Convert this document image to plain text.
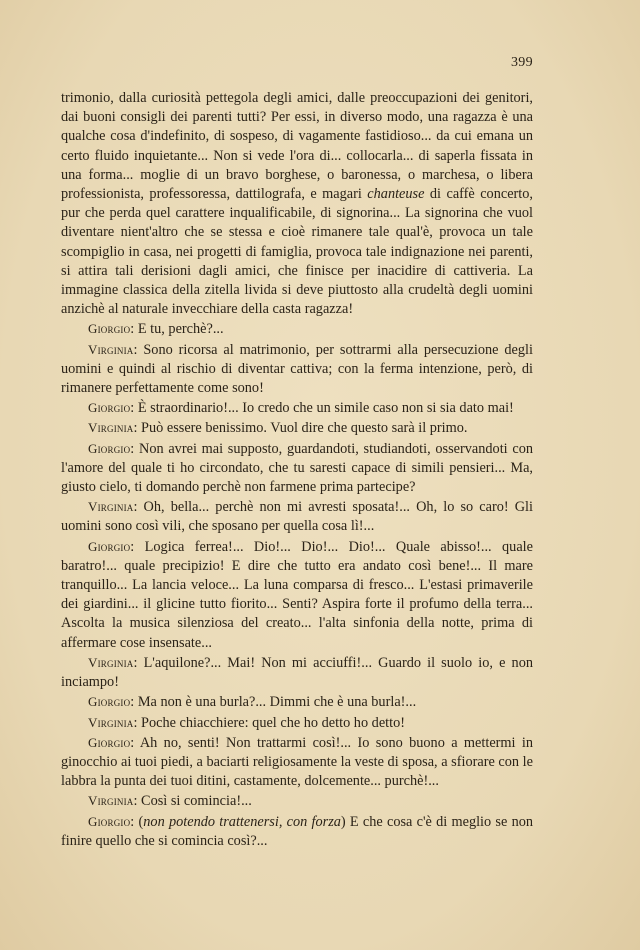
399

trimonio, dalla curiosità pettegola degli amici, dalle preoccupazioni dei genitori, dai buoni consigli dei parenti tutti? Per essi, in diverso modo, una ragazza è una qualche cosa d'indefinito, di sospeso, di vagamente fastidioso... da cui emana un certo fluido inquietante... Non si vede l'ora di... collocarla... di saperla fissata in una forma... moglie di un bravo borghese, o baronessa, o marchesa, o libera professionista, professoressa, dattilografa, e magari chanteuse di caffè concerto, pur che perda quel carattere inqualificabile, di signorina... La signorina che vuol diventare nient'altro che se stessa e cioè rimanere tale qual'è, provoca un tale scompiglio in casa, nei progetti di famiglia, provoca tale indignazione nei parenti, si attira tali derisioni dagli amici, che finisce per inacidire di cattiveria. La immagine classica della zitella livida si deve piuttosto alla crudeltà degli uomini anzichè al naturale invecchiare della casta ragazza!

Giorgio: E tu, perchè?...

Virginia: Sono ricorsa al matrimonio, per sottrarmi alla persecuzione degli uomini e quindi al rischio di diventar cattiva; con la ferma intenzione, però, di rimanere perfettamente come sono!

Giorgio: È straordinario!... Io credo che un simile caso non si sia dato mai!

Virginia: Può essere benissimo. Vuol dire che questo sarà il primo.

Giorgio: Non avrei mai supposto, guardandoti, studiandoti, osservandoti con l'amore del quale ti ho circondato, che tu saresti capace di simili pensieri... Ma, giusto cielo, ti domando perchè non farmene prima partecipe?

Virginia: Oh, bella... perchè non mi avresti sposata!... Oh, lo so caro! Gli uomini sono così vili, che sposano per quella cosa lì!...

Giorgio: Logica ferrea!... Dio!... Dio!... Dio!... Quale abisso!... quale baratro!... quale precipizio! E dire che tutto era andato così bene!... Il mare tranquillo... La lancia veloce... La luna comparsa di fresco... L'estasi primaverile dei giardini... il glicine tutto fiorito... Senti? Aspira forte il profumo della terra... Ascolta la musica silenziosa del creato... l'alta sinfonia della notte, prima di affermare cose insensate...

Virginia: L'aquilone?... Mai! Non mi acciuffi!... Guardo il suolo io, e non inciampo!

Giorgio: Ma non è una burla?... Dimmi che è una burla!...

Virginia: Poche chiacchiere: quel che ho detto ho detto!

Giorgio: Ah no, senti! Non trattarmi così!... Io sono buono a mettermi in ginocchio ai tuoi piedi, a baciarti religiosamente la veste di sposa, a sfiorare con le labbra la punta dei tuoi ditini, castamente, dolcemente... purchè!...

Virginia: Così si comincia!...

Giorgio: (non potendo trattenersi, con forza) E che cosa c'è di meglio se non finire quello che si comincia così?...
